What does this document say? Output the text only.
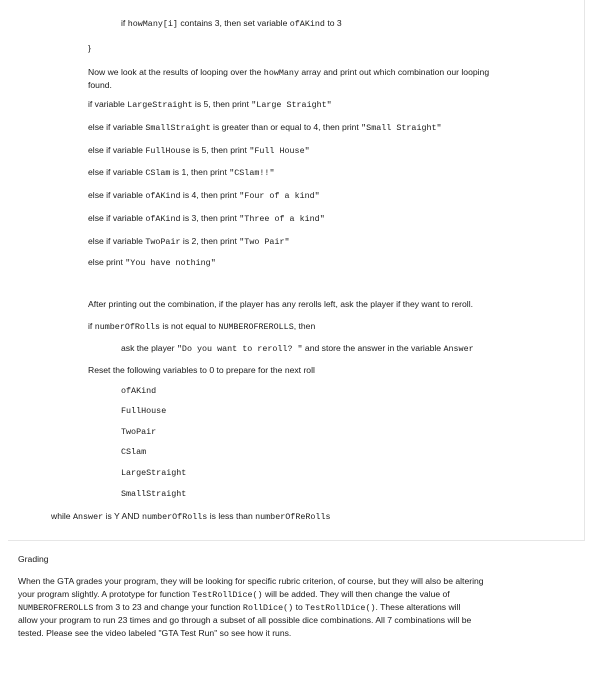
if howMany[i] contains 3, then set variable ofAKind to 3
}
Now we look at the results of looping over the howMany array and print out which combination our looping
found.
if variable LargeStraight is 5, then print "Large Straight"
else if variable SmallStraight is greater than or equal to 4, then print "Small Straight"
else if variable FullHouse is 5, then print "Full House"
else if variable CSlam is 1, then print "CSlam!!"
else if variable ofAKind is 4, then print "Four of a kind"
else if variable ofAKind is 3, then print "Three of a kind"
else if variable TwoPair is 2, then print "Two Pair"
else print "You have nothing"
After printing out the combination, if the player has any rerolls left, ask the player if they want to reroll.
if numberOfRolls is not equal to NUMBEROFREROLLS, then
ask the player "Do you want to reroll? " and store the answer in the variable Answer
Reset the following variables to 0 to prepare for the next roll
ofAKind
FullHouse
TwoPair
CSlam
LargeStraight
SmallStraight
while Answer is Y AND numberOfRolls is less than numberOfReRolls
Grading
When the GTA grades your program, they will be looking for specific rubric criterion, of course, but they will also be altering
your program slightly. A prototype for function TestRollDice() will be added. They will then change the value of
NUMBEROFREROLLS from 3 to 23 and change your function RollDice() to TestRollDice(). These alterations will
allow your program to run 23 times and go through a subset of all possible dice combinations. All 7 combinations will be
tested. Please see the video labeled "GTA Test Run" so see how it runs.
